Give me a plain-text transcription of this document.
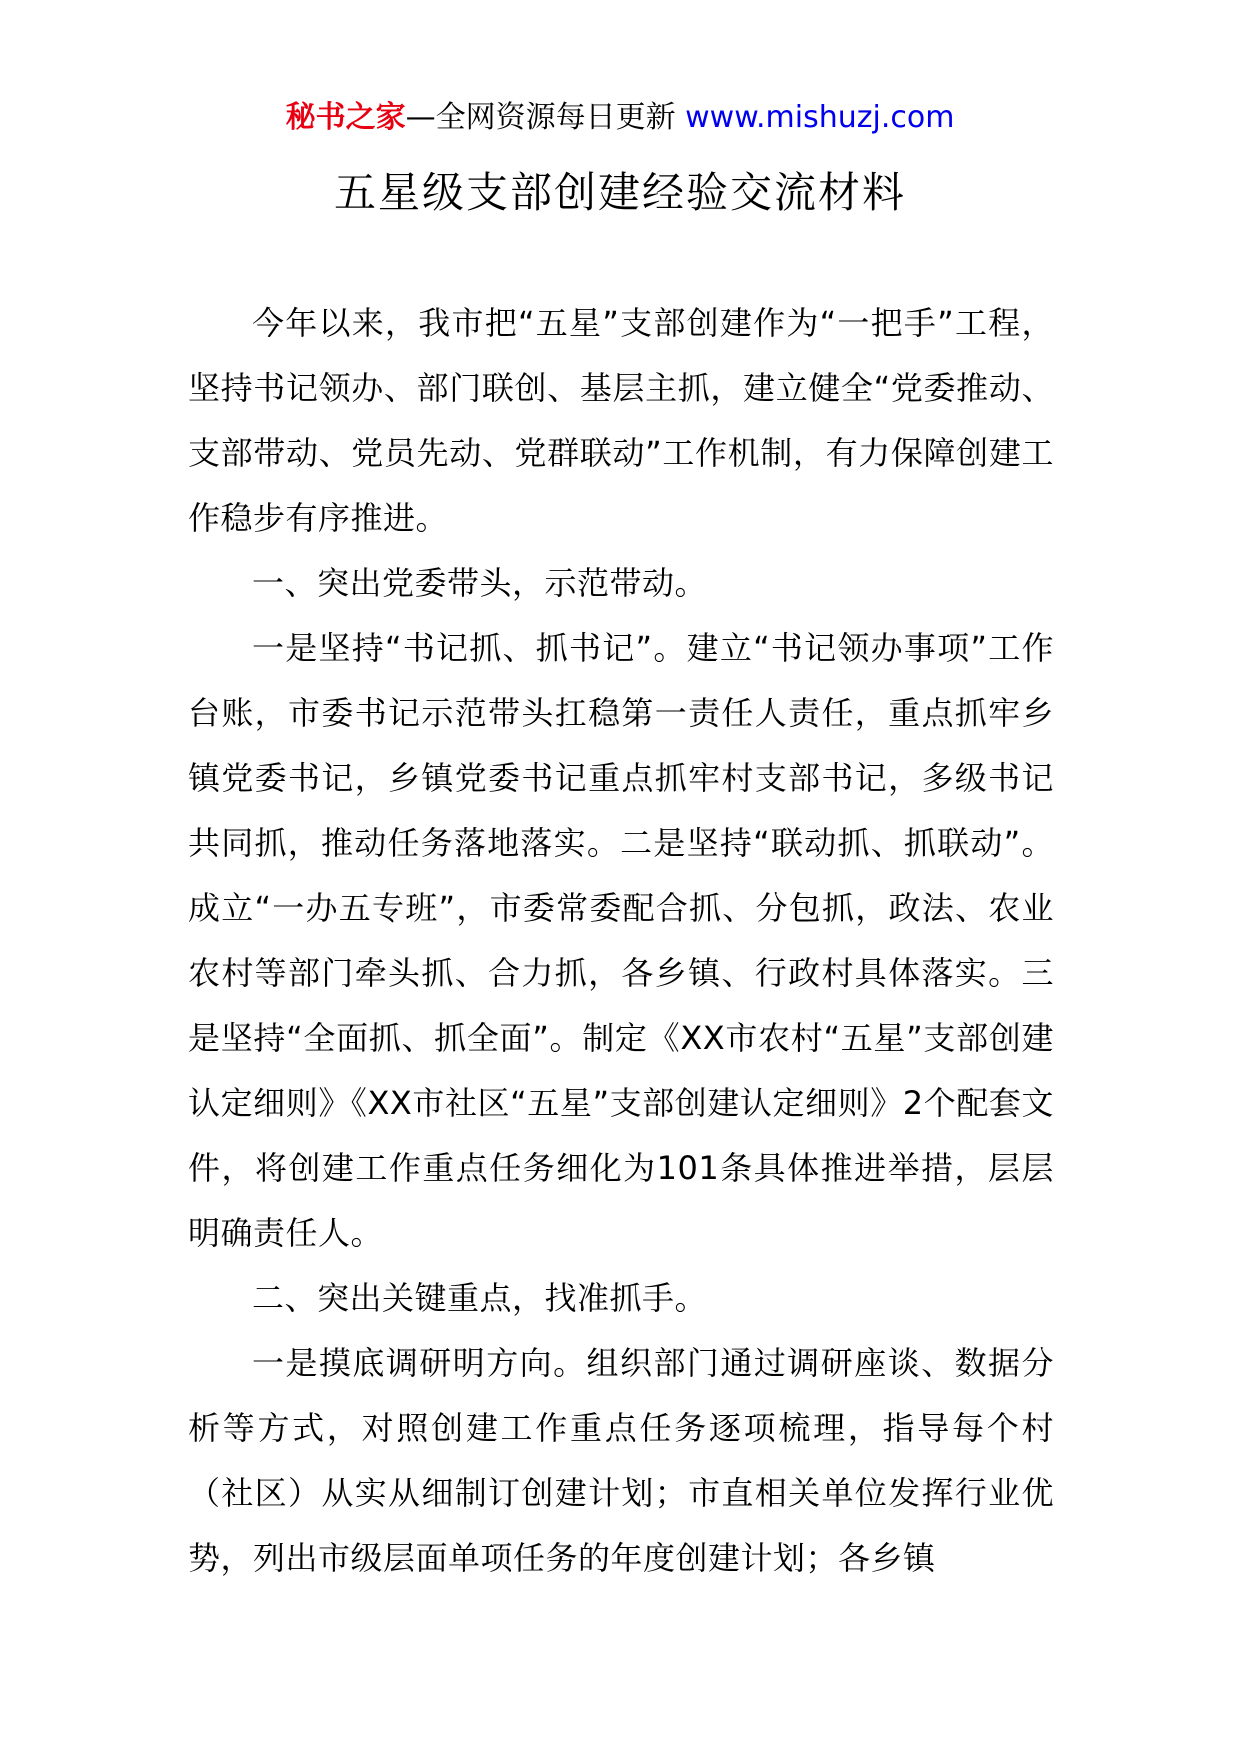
秘书之家—全网资源每日更新 www.mishuzj.com
五星级支部创建经验交流材料

今年以来，我市把“五星”支部创建作为“一把手”工程，坚持书记领办、部门联创、基层主抓，建立健全“党委推动、支部带动、党员先动、党群联动”工作机制，有力保障创建工作稳步有序推进。

一、突出党委带头，示范带动。

一是坚持“书记抓、抓书记”。建立“书记领办事项”工作台账，市委书记示范带头扛稳第一责任人责任，重点抓牢乡镇党委书记，乡镇党委书记重点抓牢村支部书记，多级书记共同抓，推动任务落地落实。二是坚持“联动抓、抓联动”。成立“一办五专班”，市委常委配合抓、分包抓，政法、农业农村等部门牵头抓、合力抓，各乡镇、行政村具体落实。三是坚持“全面抓、抓全面”。制定《XX市农村“五星”支部创建认定细则》《XX市社区“五星”支部创建认定细则》2个配套文件，将创建工作重点任务细化为101条具体推进举措，层层明确责任人。

二、突出关键重点，找准抓手。

一是摸底调研明方向。组织部门通过调研座谈、数据分析等方式，对照创建工作重点任务逐项梳理，指导每个村（社区）从实从细制订创建计划；市直相关单位发挥行业优势，列出市级层面单项任务的年度创建计划；各乡镇
